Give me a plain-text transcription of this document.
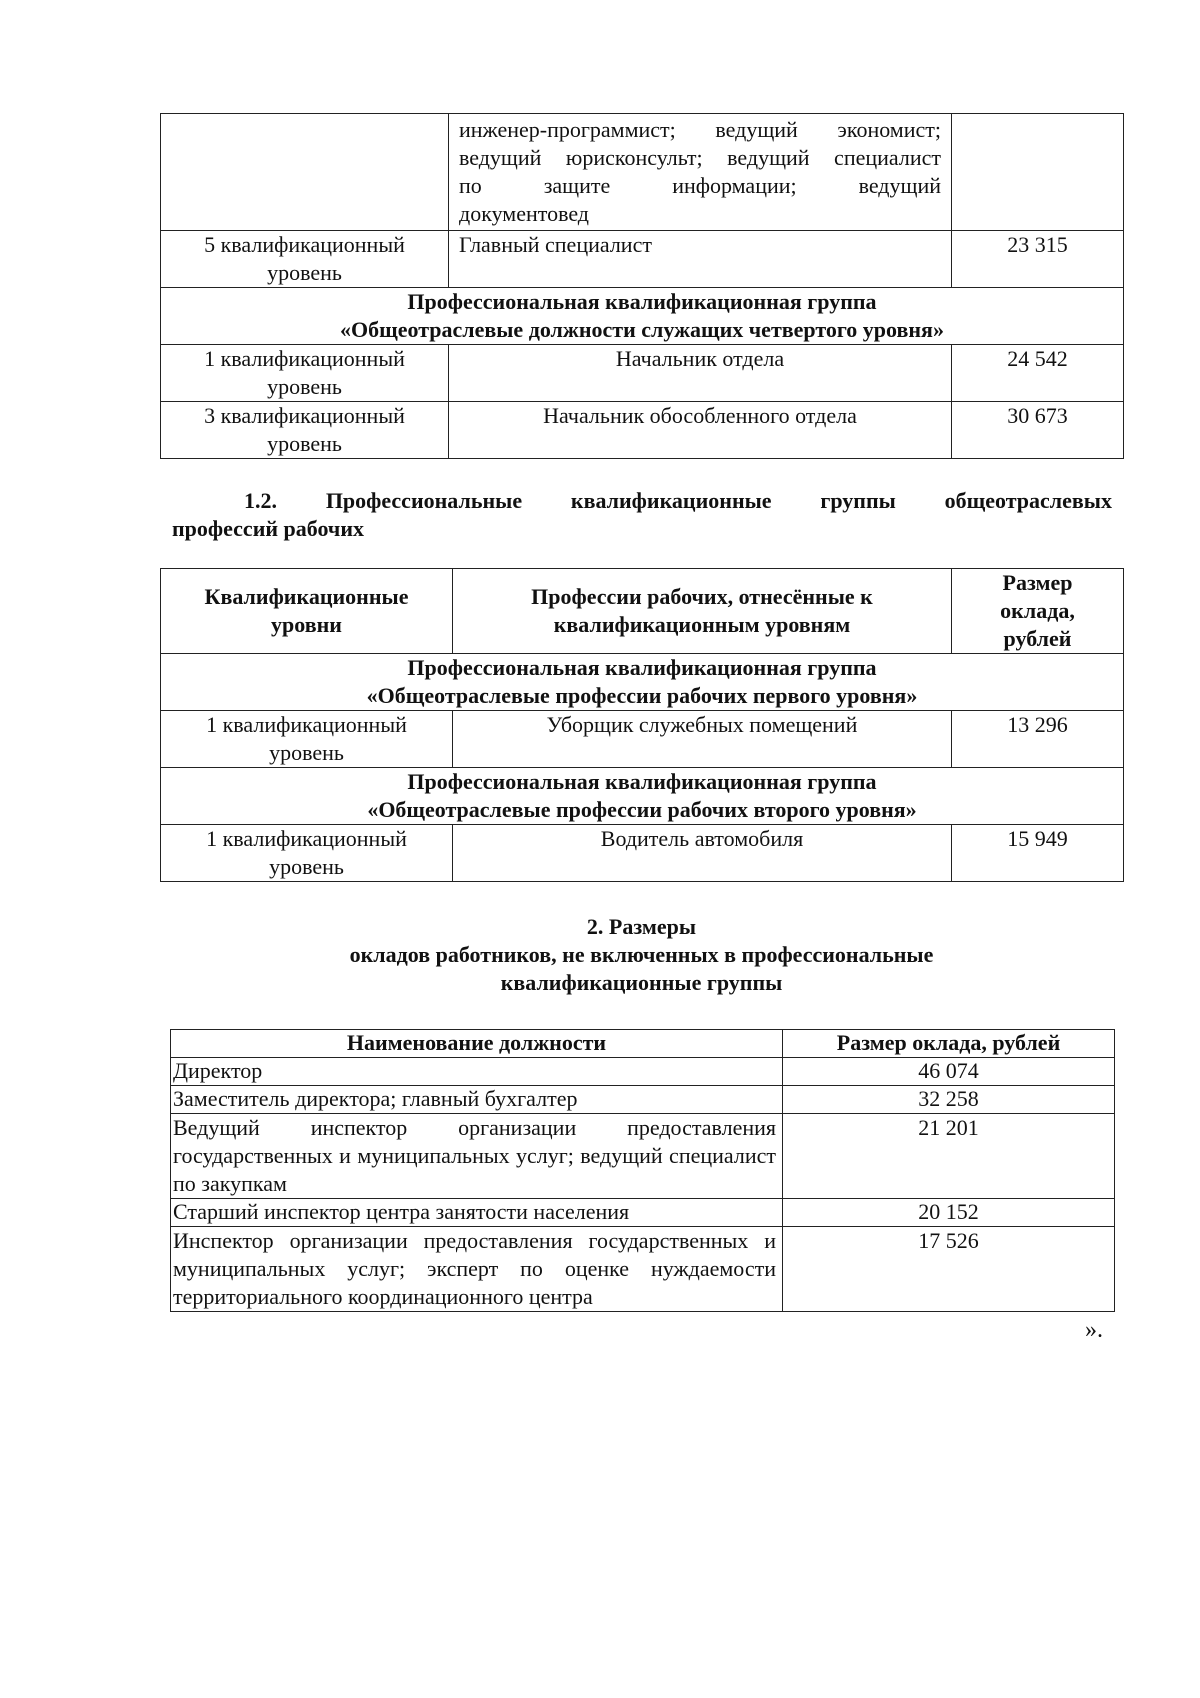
	инженер-программист; ведущий экономист;
ведущий юрисконсульт; ведущий специалист
по защите информации; ведущий
документовед	

5 квалификационный уровень	Главный специалист	23 315

Профессиональная квалификационная группа
«Общеотраслевые должности служащих четвертого уровня»		

1 квалификационный уровень	Начальник отдела	24 542
3 квалификационный уровень	Начальник обособленного отдела	30 673
1.2. Профессиональные квалификационные группы общеотраслевых
профессий рабочих
Квалификационные уровни	Профессии рабочих, отнесённые к квалификационным уровням	Размер оклада, рублей

Профессиональная квалификационная группа
«Общеотраслевые профессии рабочих первого уровня»		

1 квалификационный уровень	Уборщик служебных помещений	13 296

Профессиональная квалификационная группа
«Общеотраслевые профессии рабочих второго уровня»		

1 квалификационный уровень	Водитель автомобиля	15 949
2. Размеры
окладов работников, не включенных в профессиональные
квалификационные группы
Наименование должности	Размер оклада, рублей
Директор	46 074
Заместитель директора; главный бухгалтер	32 258
Ведущий инспектор организации предоставления государственных и муниципальных услуг; ведущий специалист по закупкам	21 201
Старший инспектор центра занятости населения	20 152
Инспектор организации предоставления государственных и муниципальных услуг; эксперт по оценке нуждаемости территориального координационного центра	17 526
».
